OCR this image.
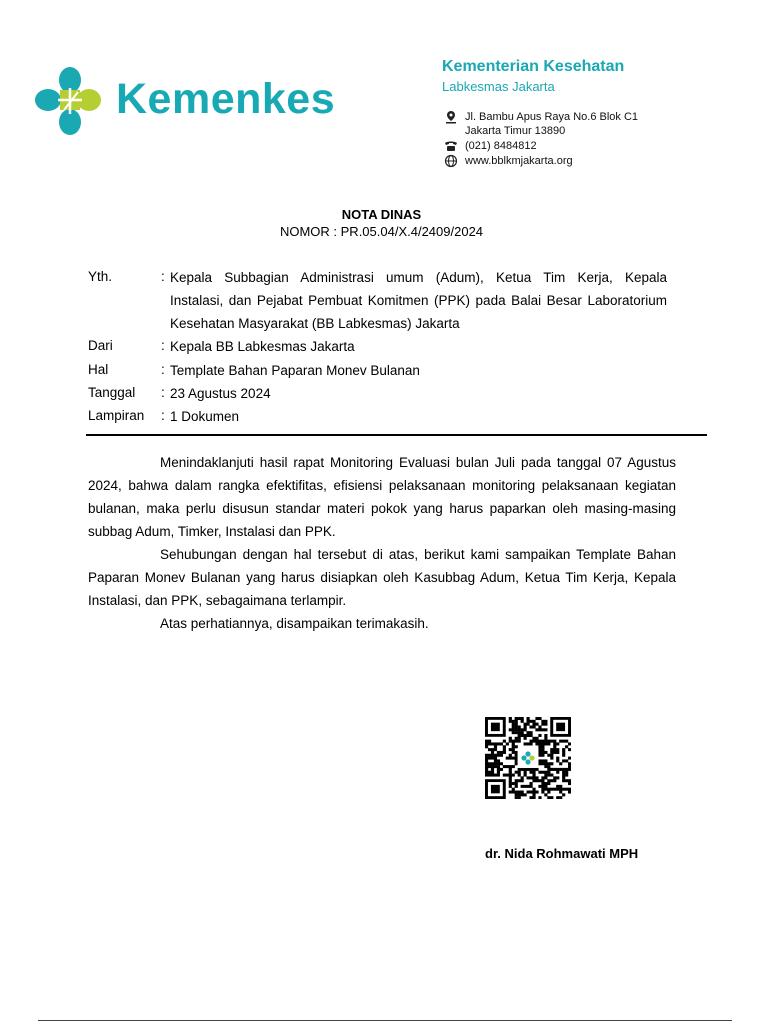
Kemenkes
Kementerian Kesehatan
Labkesmas Jakarta
Jl. Bambu Apus Raya No.6 Blok C1
Jakarta Timur 13890
(021) 8484812
www.bblkmjakarta.org
NOTA DINAS
NOMOR : PR.05.04/X.4/2409/2024
Yth.	: Kepala Subbagian Administrasi umum (Adum), Ketua Tim Kerja, Kepala
Instalasi, dan Pejabat Pembuat Komitmen (PPK) pada Balai Besar Laboratorium
Kesehatan Masyarakat (BB Labkesmas) Jakarta
Dari	: Kepala BB Labkesmas Jakarta
Hal	: Template Bahan Paparan Monev Bulanan
Tanggal : 23 Agustus 2024
Lampiran : 1 Dokumen
Menindaklanjuti hasil rapat Monitoring Evaluasi bulan Juli pada tanggal 07 Agustus
2024, bahwa dalam rangka efektifitas, efisiensi pelaksanaan monitoring pelaksanaan kegiatan
bulanan, maka perlu disusun standar materi pokok yang harus paparkan oleh masing-masing
subbag Adum, Timker, Instalasi dan PPK.
Sehubungan dengan hal tersebut di atas, berikut kami sampaikan Template Bahan
Paparan Monev Bulanan yang harus disiapkan oleh Kasubbag Adum, Ketua Tim Kerja, Kepala
Instalasi, dan PPK, sebagaimana terlampir.
Atas perhatiannya, disampaikan terimakasih.
dr. Nida Rohmawati MPH
